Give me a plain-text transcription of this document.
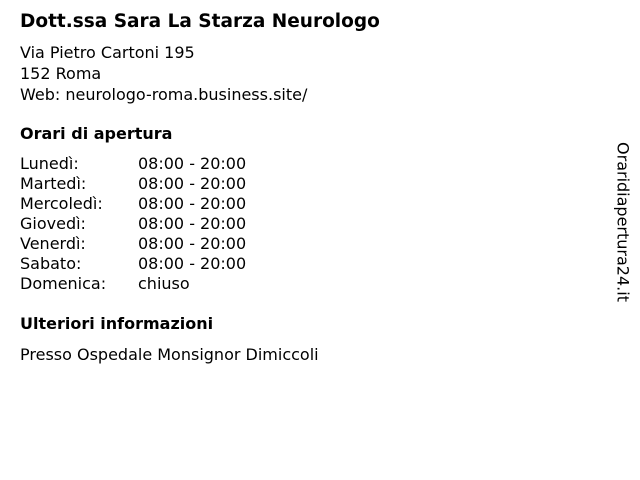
Dott.ssa Sara La Starza Neurologo
Via Pietro Cartoni 195
152 Roma
Web: neurologo-roma.business.site/
Orari di apertura
Lunedì:	08:00 - 20:00
Martedì:	08:00 - 20:00
Mercoledì: 08:00 - 20:00
Giovedì:	08:00 - 20:00
Venerdì:	08:00 - 20:00
Sabato:	08:00 - 20:00
Domenica: chiuso
Ulteriori informazioni
Presso Ospedale Monsignor Dimiccoli
Oraridiapertura24.it
